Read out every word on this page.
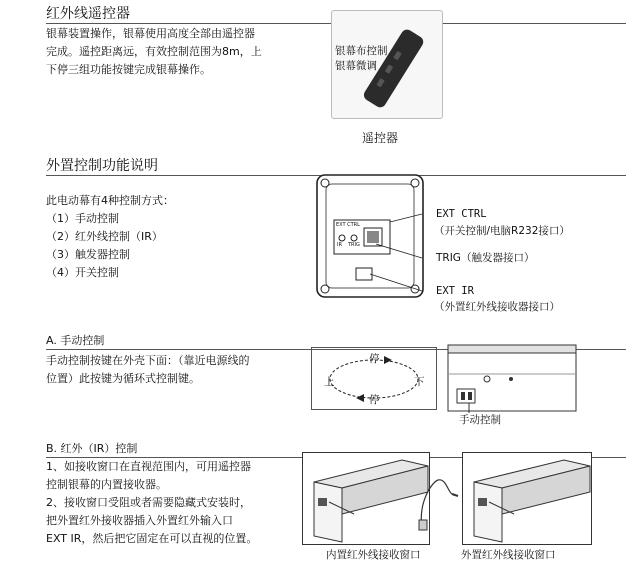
红外线遥控器
银幕装置操作，银幕使用高度全部由遥控器
完成。遥控距离远，有效控制范围为8m，上
下停三组功能按键完成银幕操作。
银幕布控制
银幕微调
遥控器
外置控制功能说明
此电动幕有4种控制方式：
（1）手动控制
（2）红外线控制（IR）
（3）触发器控制
（4）开关控制
EXT CTRL
IR TRIG
EXT CTRL
（开关控制/电脑R232接口）
TRIG（触发器接口）
EXT IR
（外置红外线接收器接口）
A. 手动控制
手动控制按键在外壳下面：（靠近电源线的
位置）此按键为循环式控制键。
停
下
停
上
手动控制
B. 红外（IR）控制
1、如接收窗口在直视范围内，可用遥控器
控制银幕的内置接收器。
2、接收窗口受阻或者需要隐藏式安装时，
把外置红外接收器插入外置红外输入口
EXT IR，然后把它固定在可以直视的位置。
内置红外线接收窗口	外置红外线接收窗口
